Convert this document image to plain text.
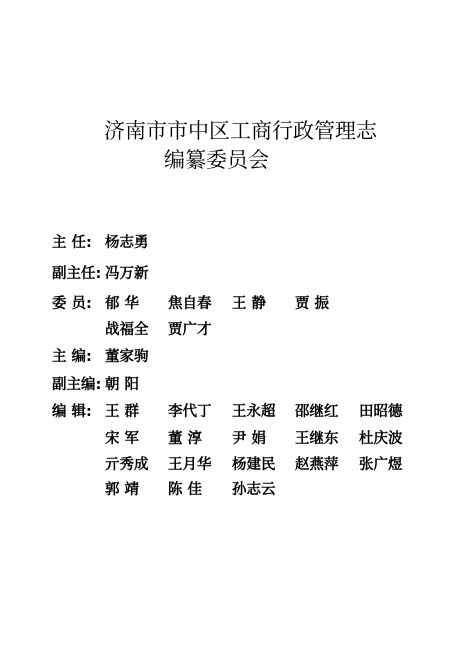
济南市市中区工商行政管理志
编纂委员会
主 任: 杨志勇
副主任: 冯万新
委 员: 郁 华 焦自春 王 静 贾 振
战福全 贾广才
主 编: 董家驹
副主编: 朝 阳
编 辑: 王 群 李代丁 王永超 邵继红 田昭德
宋 军 董 淳 尹 娟 王继东 杜庆波
亓秀成 王月华 杨建民 赵燕萍 张广煜
郭 靖 陈 佳 孙志云
